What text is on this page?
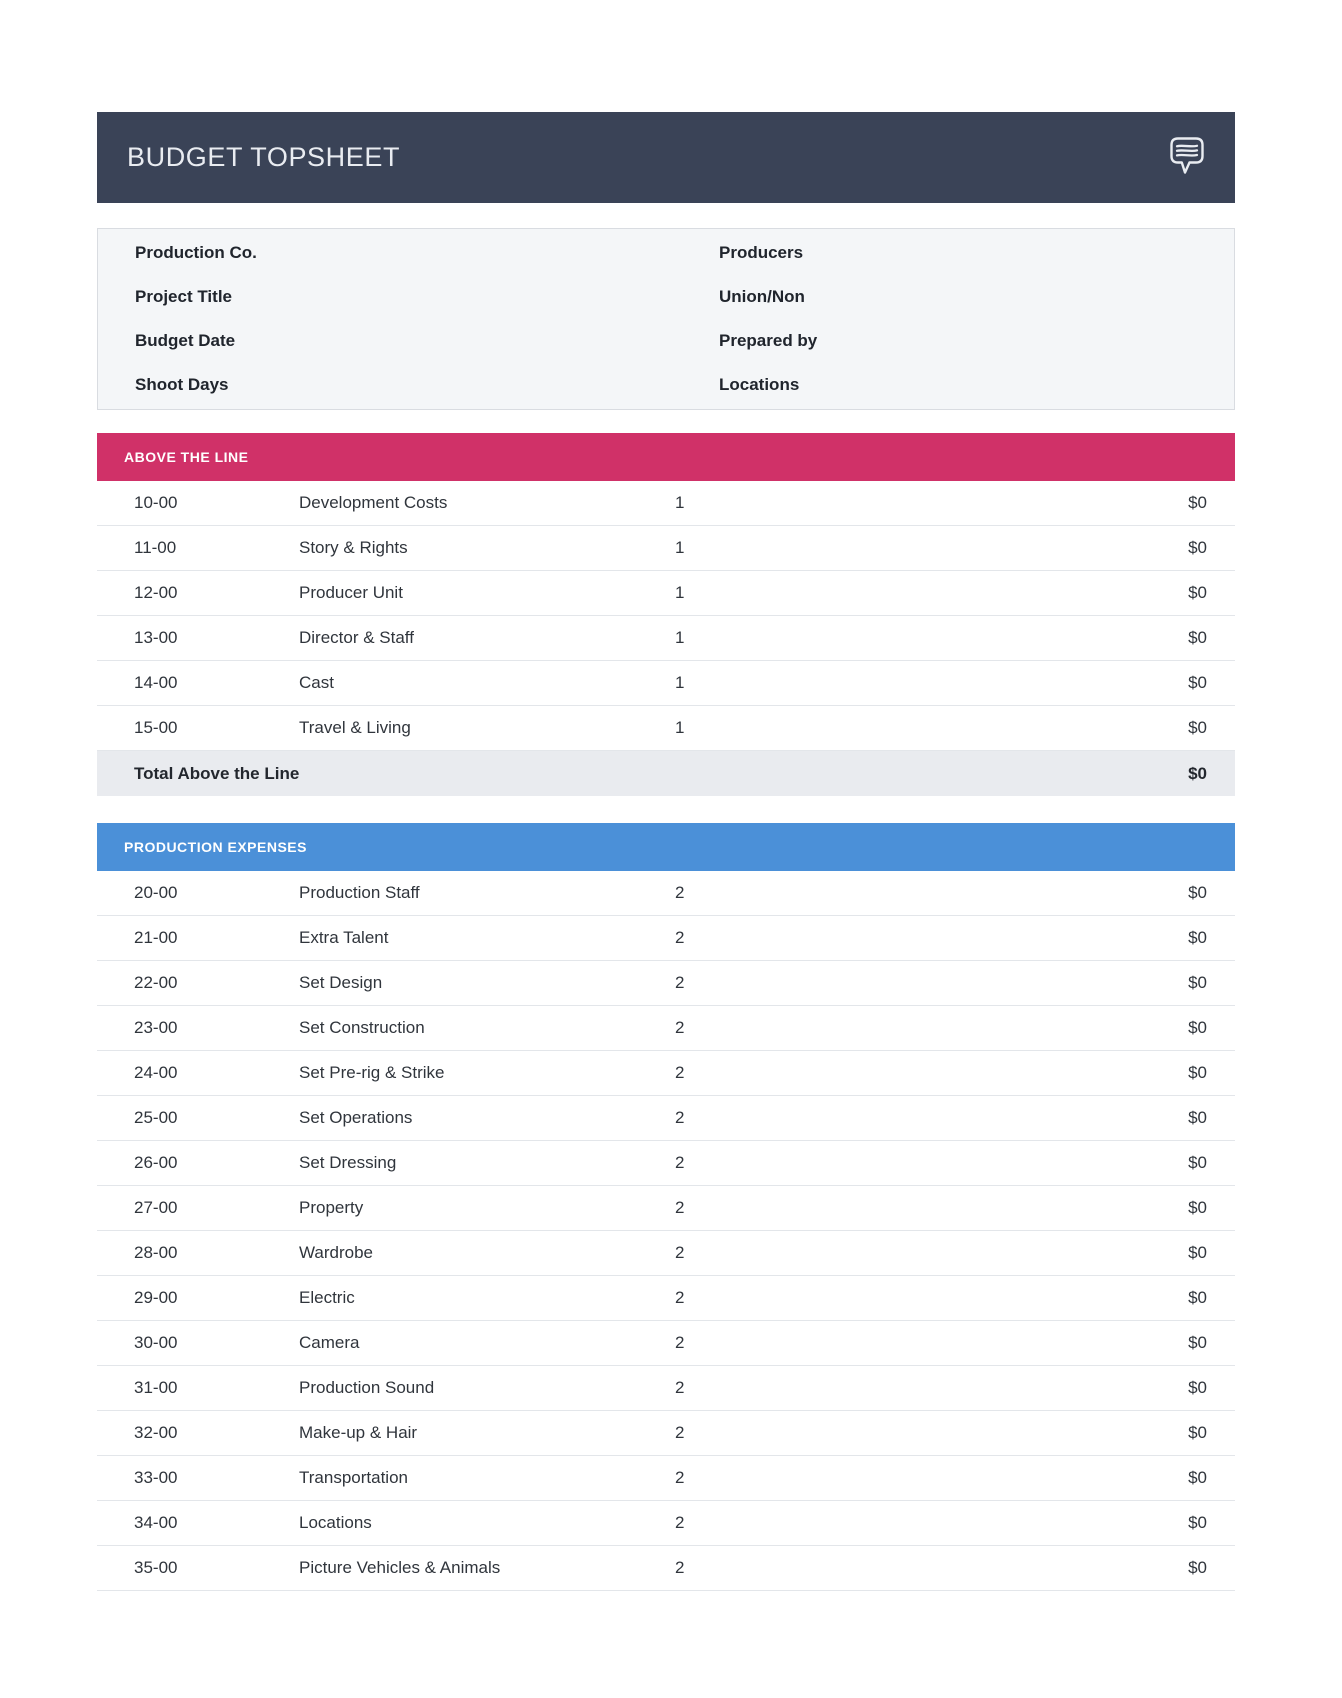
BUDGET TOPSHEET
Production Co.
Project Title
Budget Date
Shoot Days
Producers
Union/Non
Prepared by
Locations
ABOVE THE LINE
10-00	Development Costs	1	$0
11-00	Story & Rights	1	$0
12-00	Producer Unit	1	$0
13-00	Director & Staff	1	$0
14-00	Cast	1	$0
15-00	Travel & Living	1	$0
Total Above the Line	$0
PRODUCTION EXPENSES
20-00	Production Staff	2	$0
21-00	Extra Talent	2	$0
22-00	Set Design	2	$0
23-00	Set Construction	2	$0
24-00	Set Pre-rig & Strike	2	$0
25-00	Set Operations	2	$0
26-00	Set Dressing	2	$0
27-00	Property	2	$0
28-00	Wardrobe	2	$0
29-00	Electric	2	$0
30-00	Camera	2	$0
31-00	Production Sound	2	$0
32-00	Make-up & Hair	2	$0
33-00	Transportation	2	$0
34-00	Locations	2	$0
35-00	Picture Vehicles & Animals	2	$0
